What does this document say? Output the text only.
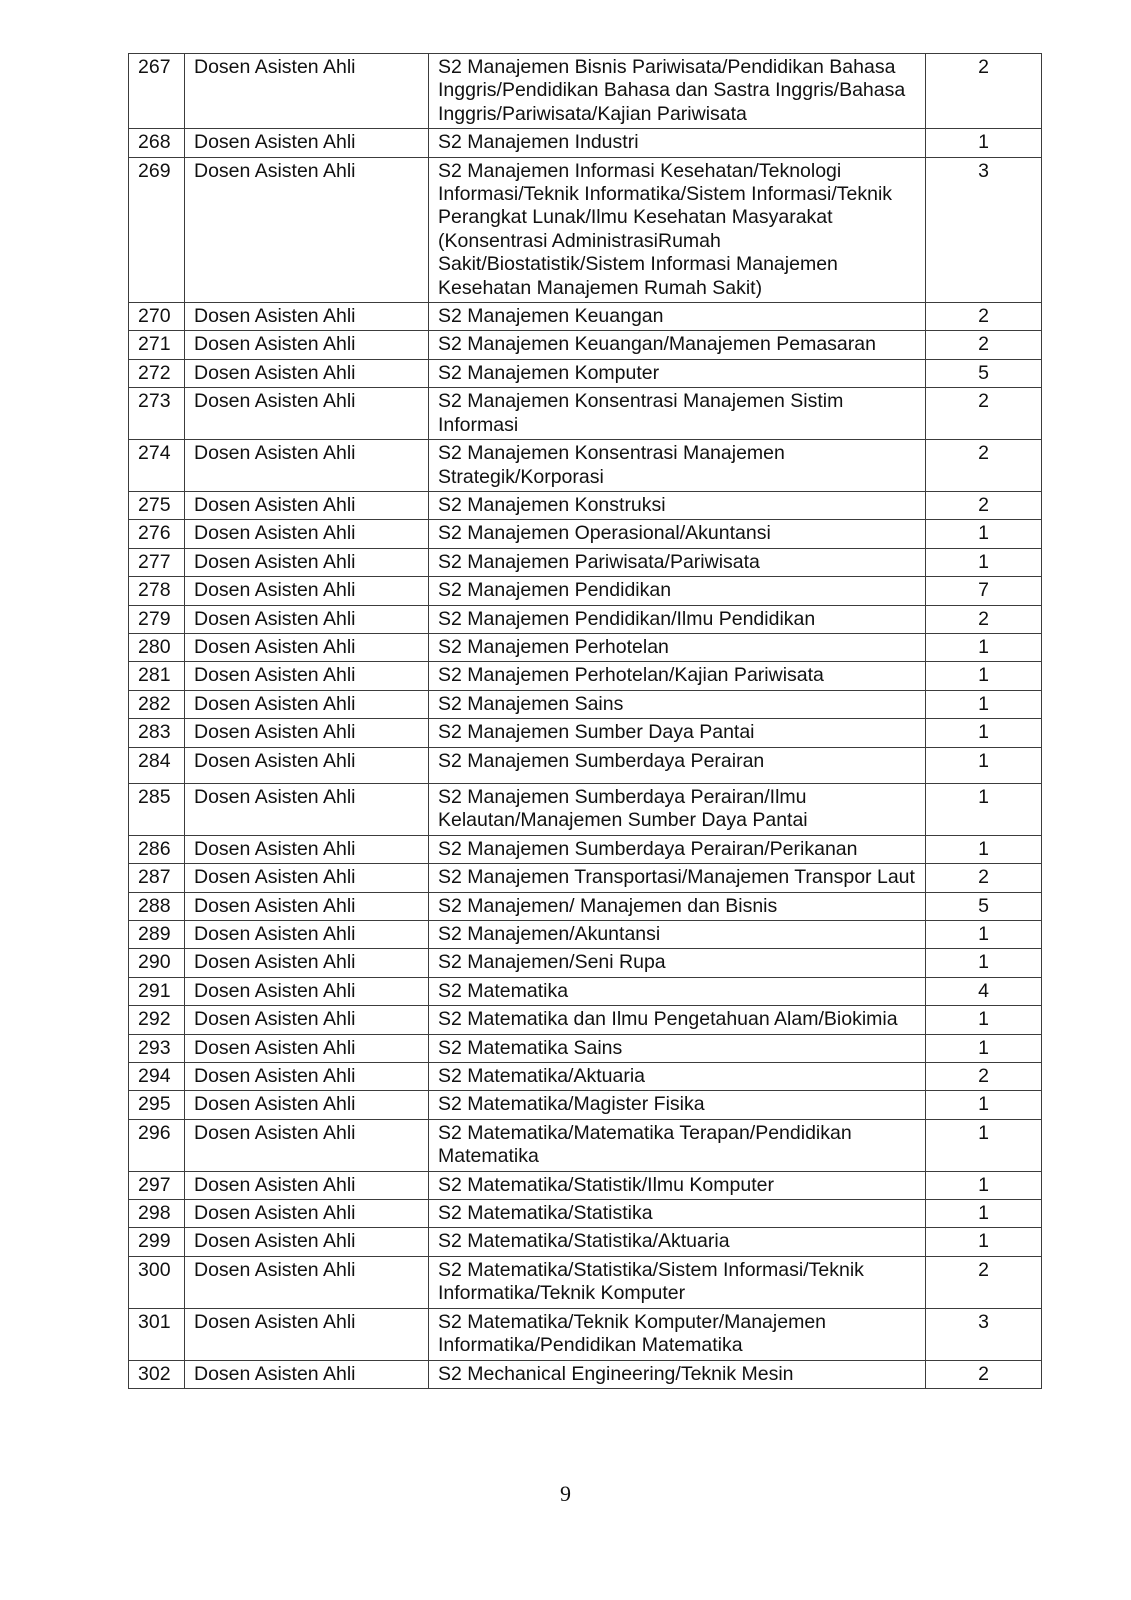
267	Dosen Asisten Ahli	S2 Manajemen Bisnis Pariwisata/Pendidikan Bahasa Inggris/Pendidikan Bahasa dan Sastra Inggris/Bahasa Inggris/Pariwisata/Kajian Pariwisata	2
268	Dosen Asisten Ahli	S2 Manajemen Industri	1
269	Dosen Asisten Ahli	S2 Manajemen Informasi Kesehatan/Teknologi Informasi/Teknik Informatika/Sistem Informasi/Teknik Perangkat Lunak/Ilmu Kesehatan Masyarakat (Konsentrasi AdministrasiRumah Sakit/Biostatistik/Sistem Informasi Manajemen Kesehatan Manajemen Rumah Sakit)	3
270	Dosen Asisten Ahli	S2 Manajemen Keuangan	2
271	Dosen Asisten Ahli	S2 Manajemen Keuangan/Manajemen Pemasaran	2
272	Dosen Asisten Ahli	S2 Manajemen Komputer	5
273	Dosen Asisten Ahli	S2 Manajemen Konsentrasi Manajemen Sistim Informasi	2
274	Dosen Asisten Ahli	S2 Manajemen Konsentrasi Manajemen Strategik/Korporasi	2
275	Dosen Asisten Ahli	S2 Manajemen Konstruksi	2
276	Dosen Asisten Ahli	S2 Manajemen Operasional/Akuntansi	1
277	Dosen Asisten Ahli	S2 Manajemen Pariwisata/Pariwisata	1
278	Dosen Asisten Ahli	S2 Manajemen Pendidikan	7
279	Dosen Asisten Ahli	S2 Manajemen Pendidikan/Ilmu Pendidikan	2
280	Dosen Asisten Ahli	S2 Manajemen Perhotelan	1
281	Dosen Asisten Ahli	S2 Manajemen Perhotelan/Kajian Pariwisata	1
282	Dosen Asisten Ahli	S2 Manajemen Sains	1
283	Dosen Asisten Ahli	S2 Manajemen Sumber Daya Pantai	1
284	Dosen Asisten Ahli	S2 Manajemen Sumberdaya Perairan	1
285	Dosen Asisten Ahli	S2 Manajemen Sumberdaya Perairan/Ilmu Kelautan/Manajemen Sumber Daya Pantai	1
286	Dosen Asisten Ahli	S2 Manajemen Sumberdaya Perairan/Perikanan	1
287	Dosen Asisten Ahli	S2 Manajemen Transportasi/Manajemen Transpor Laut	2
288	Dosen Asisten Ahli	S2 Manajemen/ Manajemen dan Bisnis	5
289	Dosen Asisten Ahli	S2 Manajemen/Akuntansi	1
290	Dosen Asisten Ahli	S2 Manajemen/Seni Rupa	1
291	Dosen Asisten Ahli	S2 Matematika	4
292	Dosen Asisten Ahli	S2 Matematika dan Ilmu Pengetahuan Alam/Biokimia	1
293	Dosen Asisten Ahli	S2 Matematika Sains	1
294	Dosen Asisten Ahli	S2 Matematika/Aktuaria	2
295	Dosen Asisten Ahli	S2 Matematika/Magister Fisika	1
296	Dosen Asisten Ahli	S2 Matematika/Matematika Terapan/Pendidikan Matematika	1
297	Dosen Asisten Ahli	S2 Matematika/Statistik/Ilmu Komputer	1
298	Dosen Asisten Ahli	S2 Matematika/Statistika	1
299	Dosen Asisten Ahli	S2 Matematika/Statistika/Aktuaria	1
300	Dosen Asisten Ahli	S2 Matematika/Statistika/Sistem Informasi/Teknik Informatika/Teknik Komputer	2
301	Dosen Asisten Ahli	S2 Matematika/Teknik Komputer/Manajemen Informatika/Pendidikan Matematika	3
302	Dosen Asisten Ahli	S2 Mechanical Engineering/Teknik Mesin	2
9
